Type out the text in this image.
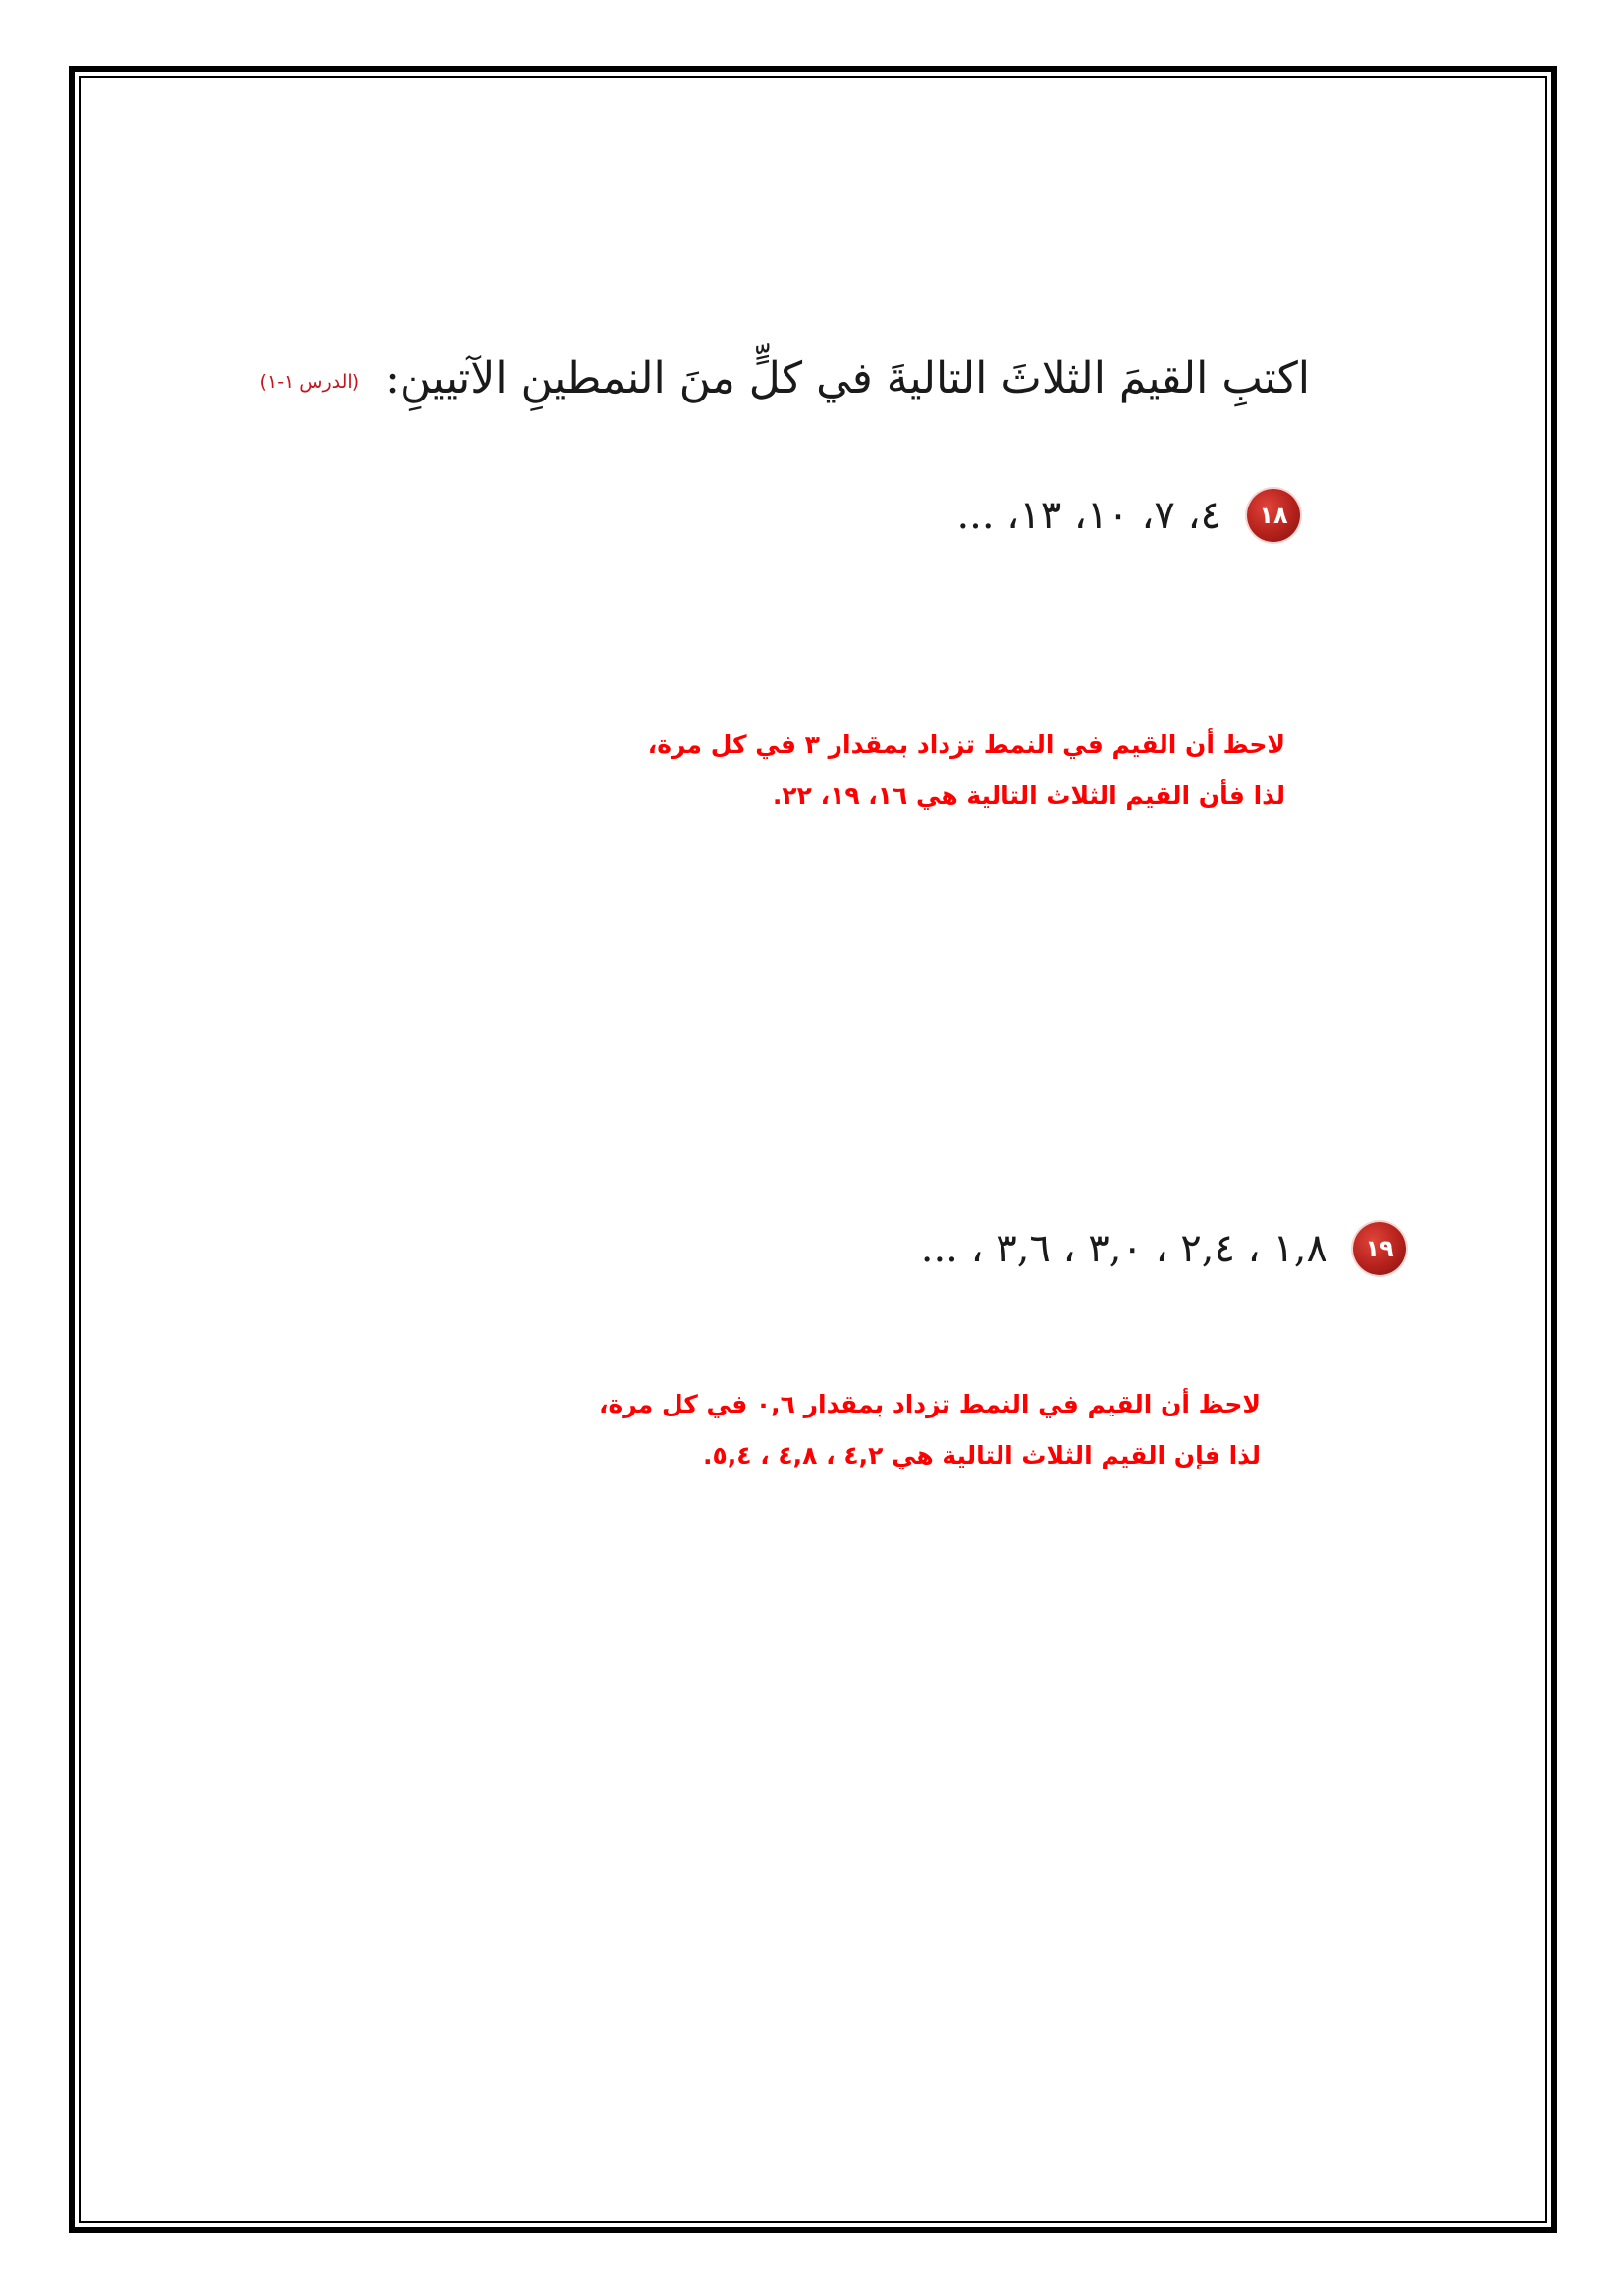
اكتبِ القيمَ الثلاثَ التاليةَ في كلٍّ منَ النمطينِ الآتيينِ:
(الدرس ١-١)
١٨
٤، ٧، ١٠، ١٣، ...
لاحظ أن القيم في النمط تزداد بمقدار ٣ في كل مرة،
لذا فأن القيم الثلاث التالية هي ١٦، ١٩، ٢٢.
١٩
١,٨ ، ٢,٤ ، ٣,٠ ، ٣,٦ ، ...
لاحظ أن القيم في النمط تزداد بمقدار ٠,٦ في كل مرة،
لذا فإن القيم الثلاث التالية هي ٤,٢ ، ٤,٨ ، ٥,٤.
